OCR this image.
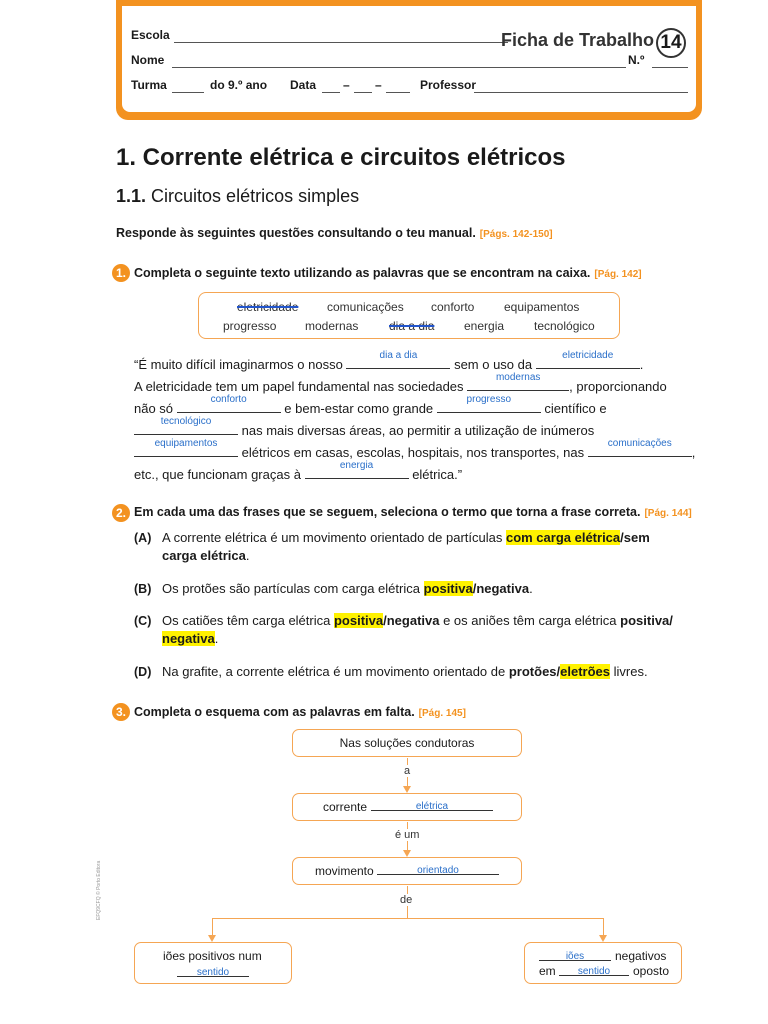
Escola	Ficha de Trabalho 14
Nome	N.º
Turma	do 9.º ano Data – –	Professor
1. Corrente elétrica e circuitos elétricos
1.1. Circuitos elétricos simples
Responde às seguintes questões consultando o teu manual. [Págs. 142-150]
1. Completa o seguinte texto utilizando as palavras que se encontram na caixa. [Pág. 142]
eletricidade comunicações conforto equipamentos
progresso modernas	dia a dia energia tecnológico
“É muito difícil imaginarmos o nosso
dia a dia
sem o uso da
eletricidade
.
A eletricidade tem um papel fundamental nas sociedades
modernas
, proporcionando
não só
conforto
e bem-estar como grande
progresso
científico e
tecnológico
nas mais diversas áreas, ao permitir a utilização de inúmeros
equipamentos
elétricos em casas, escolas, hospitais, nos transportes, nas
comunicações
,
etc., que funcionam graças à
energia
elétrica.”
2. Em cada uma das frases que se seguem, seleciona o termo que torna a frase correta. [Pág. 144]
(A) A corrente elétrica é um movimento orientado de partículas com carga elétrica/sem
carga elétrica.
(B) Os protões são partículas com carga elétrica positiva/negativa.
(C) Os catiões têm carga elétrica positiva/negativa e os aniões têm carga elétrica positiva/
negativa.
(D) Na grafite, a corrente elétrica é um movimento orientado de protões/eletrões livres.
3. Completa o esquema com as palavras em falta. [Pág. 145]
Nas soluções condutoras
a
corrente	elétrica
é um
movimento	orientado
de
iões positivos num
sentido
iões	negativos
em	sentido	oposto
EFQ9CFQ © Porto Editora
